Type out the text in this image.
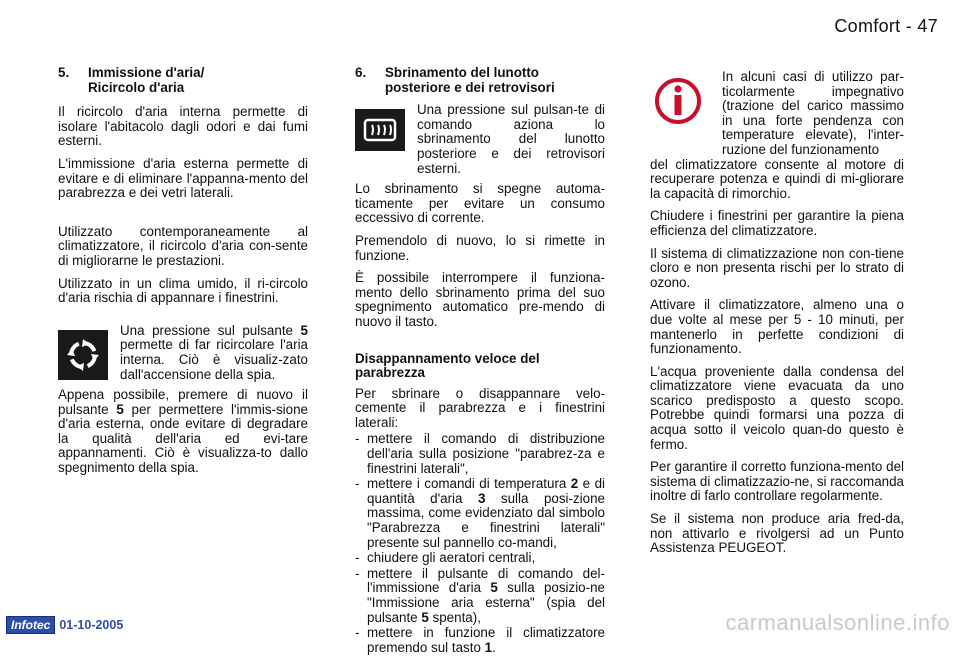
Comfort - 47
5. Immissione d'aria/
Ricircolo d'aria

Il ricircolo d'aria interna permette di isolare l'abitacolo dagli odori e dai fumi esterni.

L'immissione d'aria esterna permette di evitare e di eliminare l'appanna-mento del parabrezza e dei vetri laterali.

Utilizzato contemporaneamente al climatizzatore, il ricircolo d'aria con-sente di migliorarne le prestazioni.

Utilizzato in un clima umido, il ri-circolo d'aria rischia di appannare i finestrini.

Una pressione sul pulsante 5 permette di far ricircolare l'aria interna. Ciò è visualiz-zato dall'accensione della spia.

Appena possibile, premere di nuovo il pulsante 5 per permettere l'immis-sione d'aria esterna, onde evitare di degradare la qualità dell'aria ed evi-tare appannamenti. Ciò è visualizza-to dallo spegnimento della spia.

6. Sbrinamento del lunotto
posteriore e dei retrovisori
Una pressione sul pulsan-te di comando aziona lo sbrinamento del lunotto posteriore e dei retrovisori esterni.

Lo sbrinamento si spegne automa-ticamente per evitare un consumo eccessivo di corrente.

Premendolo di nuovo, lo si rimette in funzione.

È possibile interrompere il funziona-mento dello sbrinamento prima del suo spegnimento automatico pre-mendo di nuovo il tasto.

Disappannamento veloce del parabrezza

Per sbrinare o disappannare velo-cemente il parabrezza e i finestrini laterali:

- mettere il comando di distribuzione dell'aria sulla posizione "parabrez-za e finestrini laterali",
- mettere i comandi di temperatura 2 e di quantità d'aria 3 sulla posi-zione massima, come evidenziato dal simbolo "Parabrezza e finestrini laterali" presente sul pannello co-mandi,
- chiudere gli aeratori centrali,
- mettere il pulsante di comando del-l'immissione d'aria 5 sulla posizio-ne "Immissione aria esterna" (spia del pulsante 5 spenta),
- mettere in funzione il climatizzatore premendo sul tasto 1.
In alcuni casi di utilizzo par-ticolarmente impegnativo (trazione del carico massimo in una forte pendenza con temperature elevate), l'inter-ruzione del funzionamento

del climatizzatore consente al motore di recuperare potenza e quindi di mi-gliorare la capacità di rimorchio.

Chiudere i finestrini per garantire la piena efficienza del climatizzatore.

Il sistema di climatizzazione non con-tiene cloro e non presenta rischi per lo strato di ozono.

Attivare il climatizzatore, almeno una o due volte al mese per 5 - 10 minuti, per mantenerlo in perfette condizioni di funzionamento.

L'acqua proveniente dalla condensa del climatizzatore viene evacuata da uno scarico predisposto a questo scopo. Potrebbe quindi formarsi una pozza di acqua sotto il veicolo quan-do questo è fermo.

Per garantire il corretto funziona-mento del sistema di climatizzazio-ne, si raccomanda inoltre di farlo controllare regolarmente.

Se il sistema non produce aria fred-da, non attivarlo e rivolgersi ad un Punto Assistenza PEUGEOT.

Infotec 01-10-2005	carmanualsonline.info
